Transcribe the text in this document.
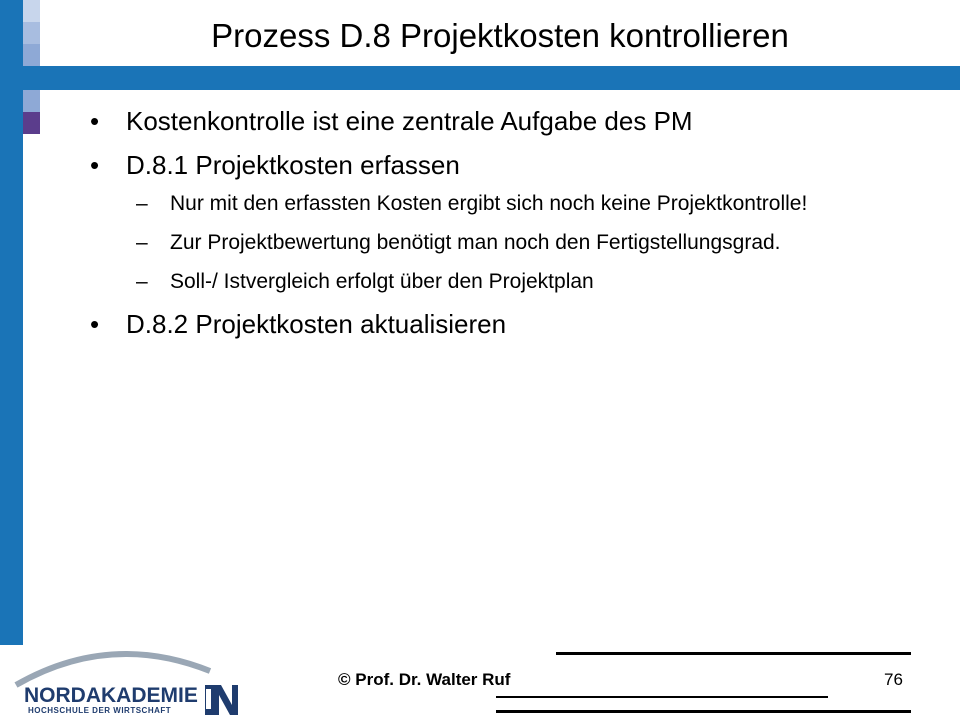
Prozess D.8 Projektkosten kontrollieren
• Kostenkontrolle ist eine zentrale Aufgabe des PM
• D.8.1 Projektkosten erfassen
– Nur mit den erfassten Kosten ergibt sich noch keine Projektkontrolle!
– Zur Projektbewertung benötigt man noch den Fertigstellungsgrad.
– Soll-/ Istvergleich erfolgt über den Projektplan
• D.8.2 Projektkosten aktualisieren
NORDAKADEMIE
HOCHSCHULE DER WIRTSCHAFT
© Prof. Dr. Walter Ruf	76
